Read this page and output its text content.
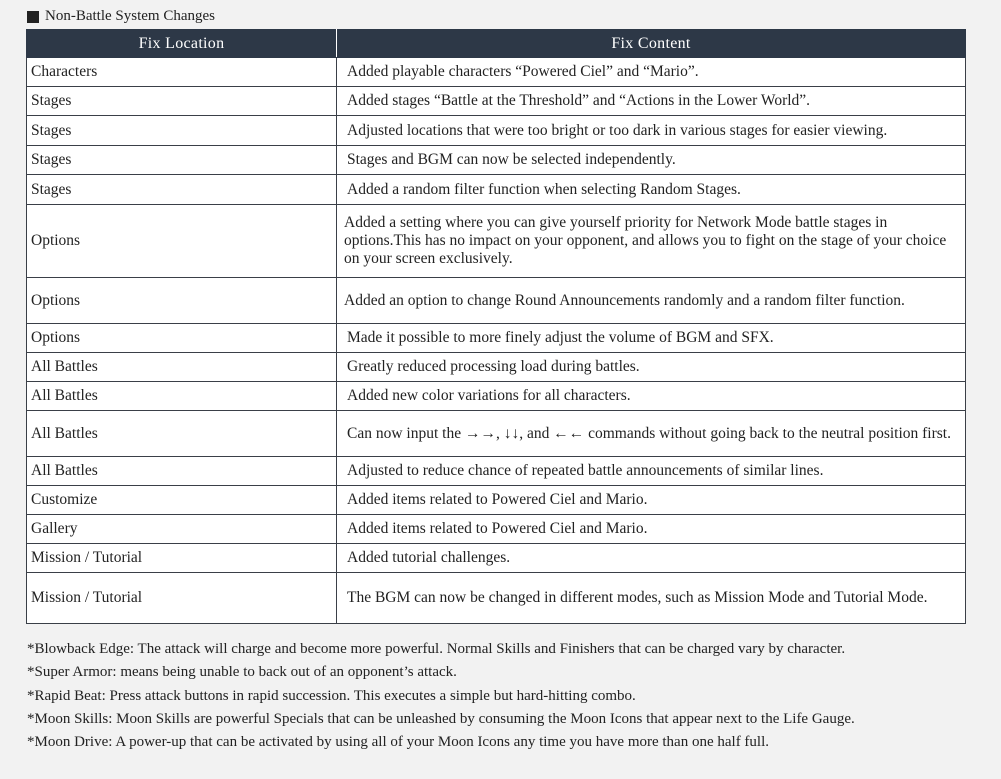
Non-Battle System Changes
Fix Location	Fix Content
Characters	Added playable characters “Powered Ciel” and “Mario”.
Stages	Added stages “Battle at the Threshold” and “Actions in the Lower World”.
Stages	Adjusted locations that were too bright or too dark in various stages for easier viewing.
Stages	Stages and BGM can now be selected independently.
Stages	Added a random filter function when selecting Random Stages.
Options	Added a setting where you can give yourself priority for Network Mode battle stages in options.This has no impact on your opponent, and allows you to fight on the stage of your choice on your screen exclusively.
Options	Added an option to change Round Announcements randomly and a random filter function.
Options	Made it possible to more finely adjust the volume of BGM and SFX.
All Battles	Greatly reduced processing load during battles.
All Battles	Added new color variations for all characters.
All Battles	Can now input the →→, ↓↓, and ←← commands without going back to the neutral position first.
All Battles	Adjusted to reduce chance of repeated battle announcements of similar lines.
Customize	Added items related to Powered Ciel and Mario.
Gallery	Added items related to Powered Ciel and Mario.
Mission / Tutorial	Added tutorial challenges.
Mission / Tutorial	The BGM can now be changed in different modes, such as Mission Mode and Tutorial Mode.
*Blowback Edge: The attack will charge and become more powerful. Normal Skills and Finishers that can be charged vary by character.
*Super Armor: means being unable to back out of an opponent’s attack.
*Rapid Beat: Press attack buttons in rapid succession. This executes a simple but hard-hitting combo.
*Moon Skills: Moon Skills are powerful Specials that can be unleashed by consuming the Moon Icons that appear next to the Life Gauge.
*Moon Drive: A power-up that can be activated by using all of your Moon Icons any time you have more than one half full.
